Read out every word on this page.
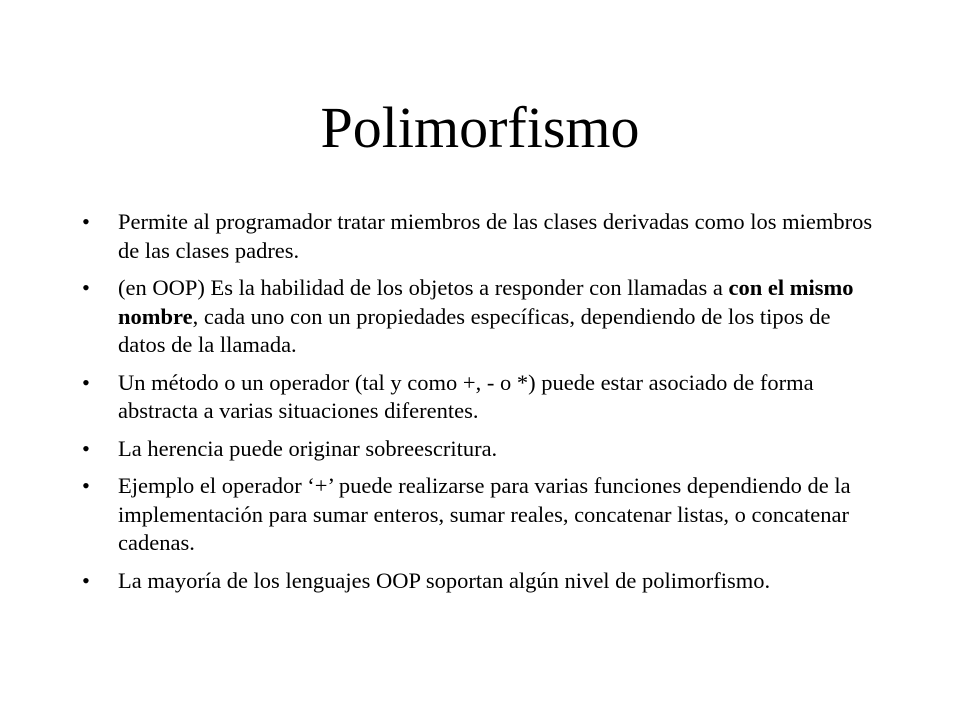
Polimorfismo
•	Permite al programador tratar miembros de las clases derivadas como los miembros de las clases padres.
•	(en OOP) Es la habilidad de los objetos a responder con llamadas a con el mismo nombre, cada uno con un propiedades específicas, dependiendo de los tipos de datos de la llamada.
•	Un método o un operador (tal y como +, - o *) puede estar asociado de forma abstracta a varias situaciones diferentes.
•	La herencia puede originar sobreescritura.
•	Ejemplo el operador ‘+’ puede realizarse para varias funciones dependiendo de la implementación para sumar enteros, sumar reales, concatenar listas, o concatenar cadenas.
•	La mayoría de los lenguajes OOP soportan algún nivel de polimorfismo.
